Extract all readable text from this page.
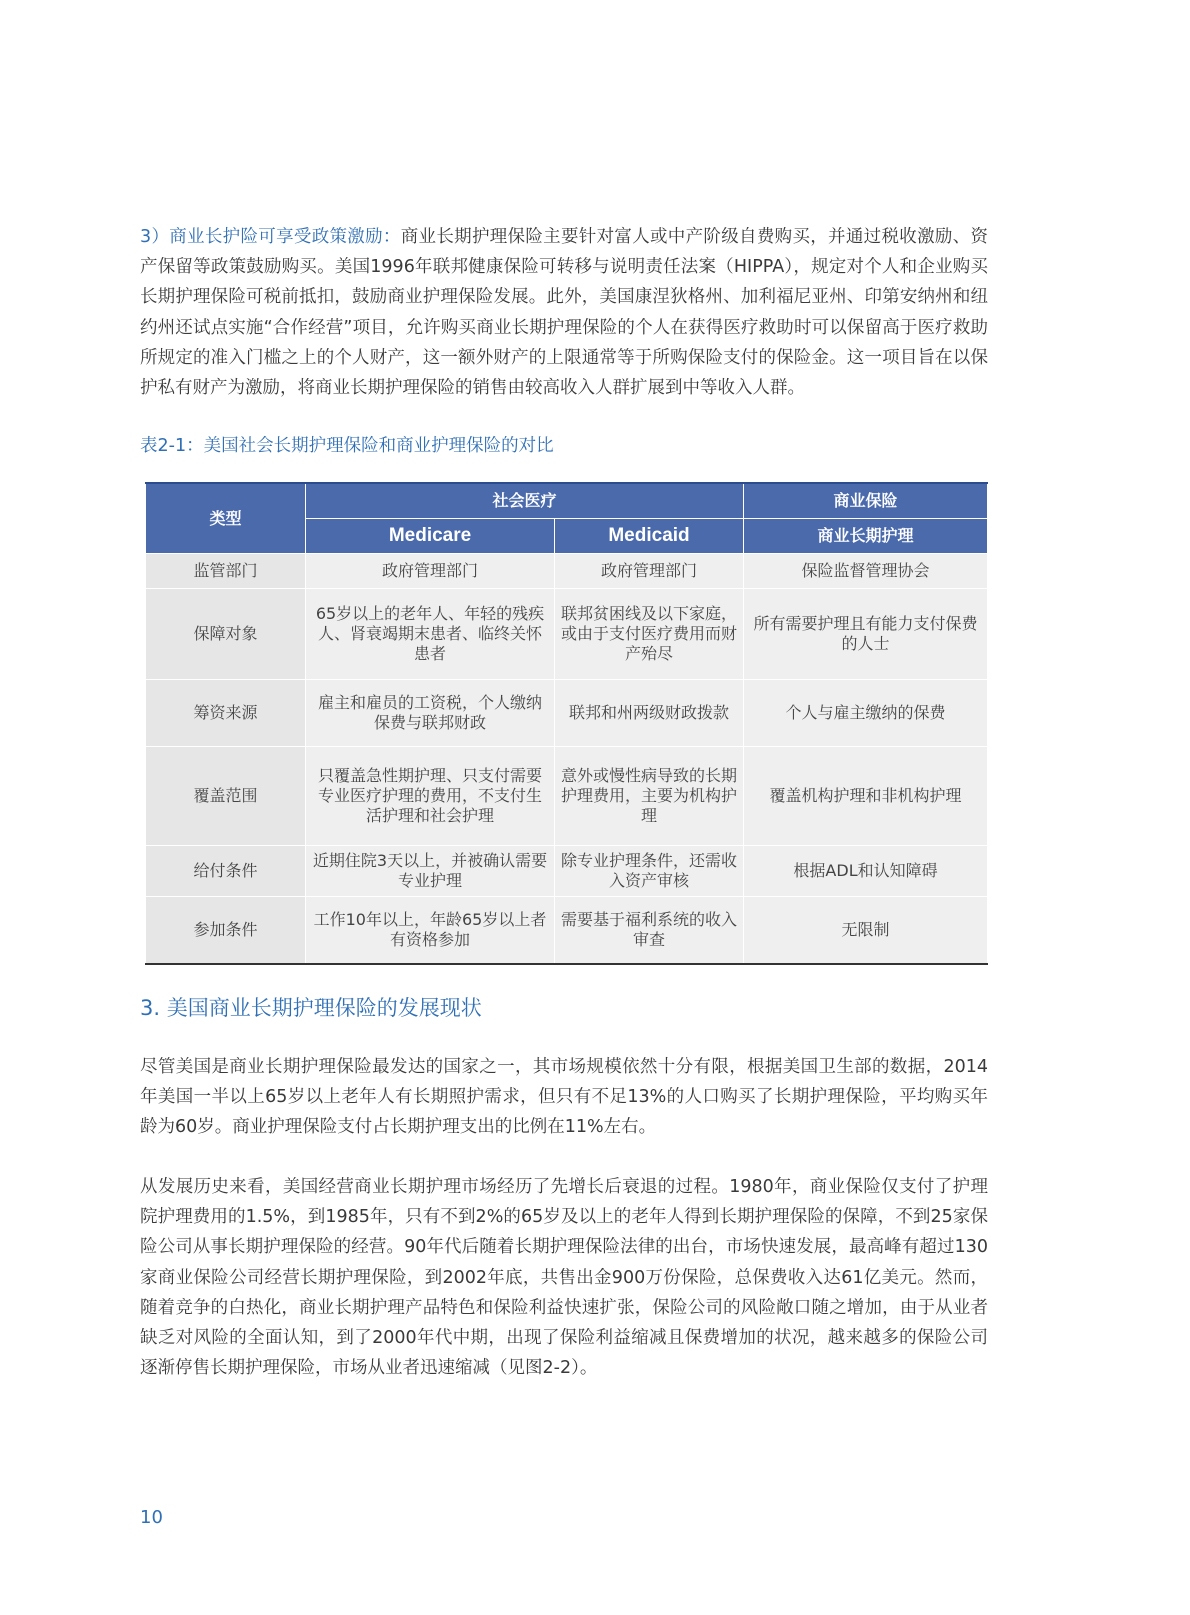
3）商业长护险可享受政策激励：商业长期护理保险主要针对富人或中产阶级自费购买，并通过税收激励、资产保留等政策鼓励购买。美国1996年联邦健康保险可转移与说明责任法案（HIPPA），规定对个人和企业购买长期护理保险可税前抵扣，鼓励商业护理保险发展。此外，美国康涅狄格州、加利福尼亚州、印第安纳州和纽约州还试点实施“合作经营”项目，允许购买商业长期护理保险的个人在获得医疗救助时可以保留高于医疗救助所规定的准入门槛之上的个人财产，这一额外财产的上限通常等于所购保险支付的保险金。这一项目旨在以保护私有财产为激励，将商业长期护理保险的销售由较高收入人群扩展到中等收入人群。

表2-1：美国社会长期护理保险和商业护理保险的对比

类型	社会医疗		商业保险
	Medicare	Medicaid	商业长期护理
监管部门	政府管理部门	政府管理部门	保险监督管理协会
保障对象	65岁以上的老年人、年轻的残疾人、肾衰竭期末患者、临终关怀患者	联邦贫困线及以下家庭，或由于支付医疗费用而财产殆尽	所有需要护理且有能力支付保费的人士
筹资来源	雇主和雇员的工资税，个人缴纳保费与联邦财政	联邦和州两级财政拨款	个人与雇主缴纳的保费
覆盖范围	只覆盖急性期护理、只支付需要专业医疗护理的费用，不支付生活护理和社会护理	意外或慢性病导致的长期护理费用，主要为机构护理	覆盖机构护理和非机构护理
给付条件	近期住院3天以上，并被确认需要专业护理	除专业护理条件，还需收入资产审核	根据ADL和认知障碍
参加条件	工作10年以上，年龄65岁以上者有资格参加	需要基于福利系统的收入审查	无限制
3. 美国商业长期护理保险的发展现状

尽管美国是商业长期护理保险最发达的国家之一，其市场规模依然十分有限，根据美国卫生部的数据，2014年美国一半以上65岁以上老年人有长期照护需求，但只有不足13%的人口购买了长期护理保险，平均购买年龄为60岁。商业护理保险支付占长期护理支出的比例在11%左右。

从发展历史来看，美国经营商业长期护理市场经历了先增长后衰退的过程。1980年，商业保险仅支付了护理院护理费用的1.5%，到1985年，只有不到2%的65岁及以上的老年人得到长期护理保险的保障，不到25家保险公司从事长期护理保险的经营。90年代后随着长期护理保险法律的出台，市场快速发展，最高峰有超过130家商业保险公司经营长期护理保险，到2002年底，共售出金900万份保险，总保费收入达61亿美元。然而，随着竞争的白热化，商业长期护理产品特色和保险利益快速扩张，保险公司的风险敞口随之增加，由于从业者缺乏对风险的全面认知，到了2000年代中期，出现了保险利益缩减且保费增加的状况，越来越多的保险公司逐渐停售长期护理保险，市场从业者迅速缩减（见图2-2）。

10
